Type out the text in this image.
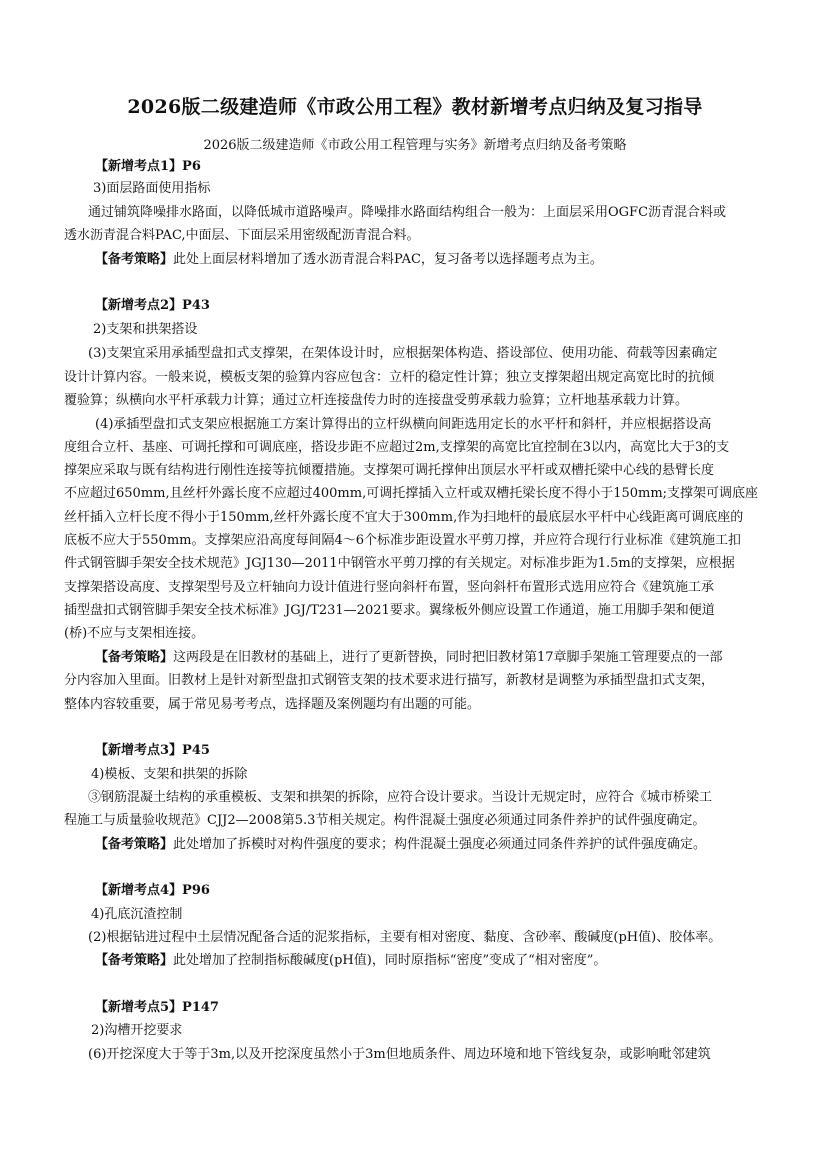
2026版二级建造师《市政公用工程》教材新增考点归纳及复习指导
2026版二级建造师《市政公用工程管理与实务》新增考点归纳及备考策略
【新增考点1】P6
3)面层路面使用指标
通过铺筑降噪排水路面，以降低城市道路噪声。降噪排水路面结构组合一般为：上面层采用OGFC沥青混合料或
透水沥青混合料PAC,中面层、下面层采用密级配沥青混合料。
【备考策略】此处上面层材料增加了透水沥青混合料PAC，复习备考以选择题考点为主。
【新增考点2】P43
2)支架和拱架搭设
(3)支架宜采用承插型盘扣式支撑架，在架体设计时，应根据架体构造、搭设部位、使用功能、荷载等因素确定
设计计算内容。一般来说，模板支架的验算内容应包含：立杆的稳定性计算；独立支撑架超出规定高宽比时的抗倾
覆验算；纵横向水平杆承载力计算；通过立杆连接盘传力时的连接盘受剪承载力验算；立杆地基承载力计算。
(4)承插型盘扣式支架应根据施工方案计算得出的立杆纵横向间距选用定长的水平杆和斜杆，并应根据搭设高
度组合立杆、基座、可调托撑和可调底座，搭设步距不应超过2m,支撑架的高宽比宜控制在3以内，高宽比大于3的支
撑架应采取与既有结构进行刚性连接等抗倾覆措施。支撑架可调托撑伸出顶层水平杆或双槽托梁中心线的悬臂长度
不应超过650mm,且丝杆外露长度不应超过400mm,可调托撑插入立杆或双槽托梁长度不得小于150mm;支撑架可调底座
丝杆插入立杆长度不得小于150mm,丝杆外露长度不宜大于300mm,作为扫地杆的最底层水平杆中心线距离可调底座的
底板不应大于550mm。支撑架应沿高度每间隔4～6个标准步距设置水平剪刀撑，并应符合现行行业标准《建筑施工扣
件式钢管脚手架安全技术规范》JGJ130—2011中钢管水平剪刀撑的有关规定。对标准步距为1.5m的支撑架，应根据
支撑架搭设高度、支撑架型号及立杆轴向力设计值进行竖向斜杆布置，竖向斜杆布置形式选用应符合《建筑施工承
插型盘扣式钢管脚手架安全技术标准》JGJ/T231—2021要求。翼缘板外侧应设置工作通道，施工用脚手架和便道
(桥)不应与支架相连接。
【备考策略】这两段是在旧教材的基础上，进行了更新替换，同时把旧教材第17章脚手架施工管理要点的一部
分内容加入里面。旧教材上是针对新型盘扣式钢管支架的技术要求进行描写，新教材是调整为承插型盘扣式支架，
整体内容较重要，属于常见易考考点，选择题及案例题均有出题的可能。
【新增考点3】P45
4)模板、支架和拱架的拆除
③钢筋混凝土结构的承重模板、支架和拱架的拆除，应符合设计要求。当设计无规定时，应符合《城市桥梁工
程施工与质量验收规范》CJJ2—2008第5.3节相关规定。构件混凝土强度必须通过同条件养护的试件强度确定。
【备考策略】此处增加了拆模时对构件强度的要求；构件混凝土强度必须通过同条件养护的试件强度确定。
【新增考点4】P96
4)孔底沉渣控制
(2)根据钻进过程中土层情况配备合适的泥浆指标，主要有相对密度、黏度、含砂率、酸碱度(pH值)、胶体率。
【备考策略】此处增加了控制指标酸碱度(pH值)，同时原指标“密度”变成了“相对密度”。
【新增考点5】P147
2)沟槽开挖要求
(6)开挖深度大于等于3m,以及开挖深度虽然小于3m但地质条件、周边环境和地下管线复杂，或影响毗邻建筑
